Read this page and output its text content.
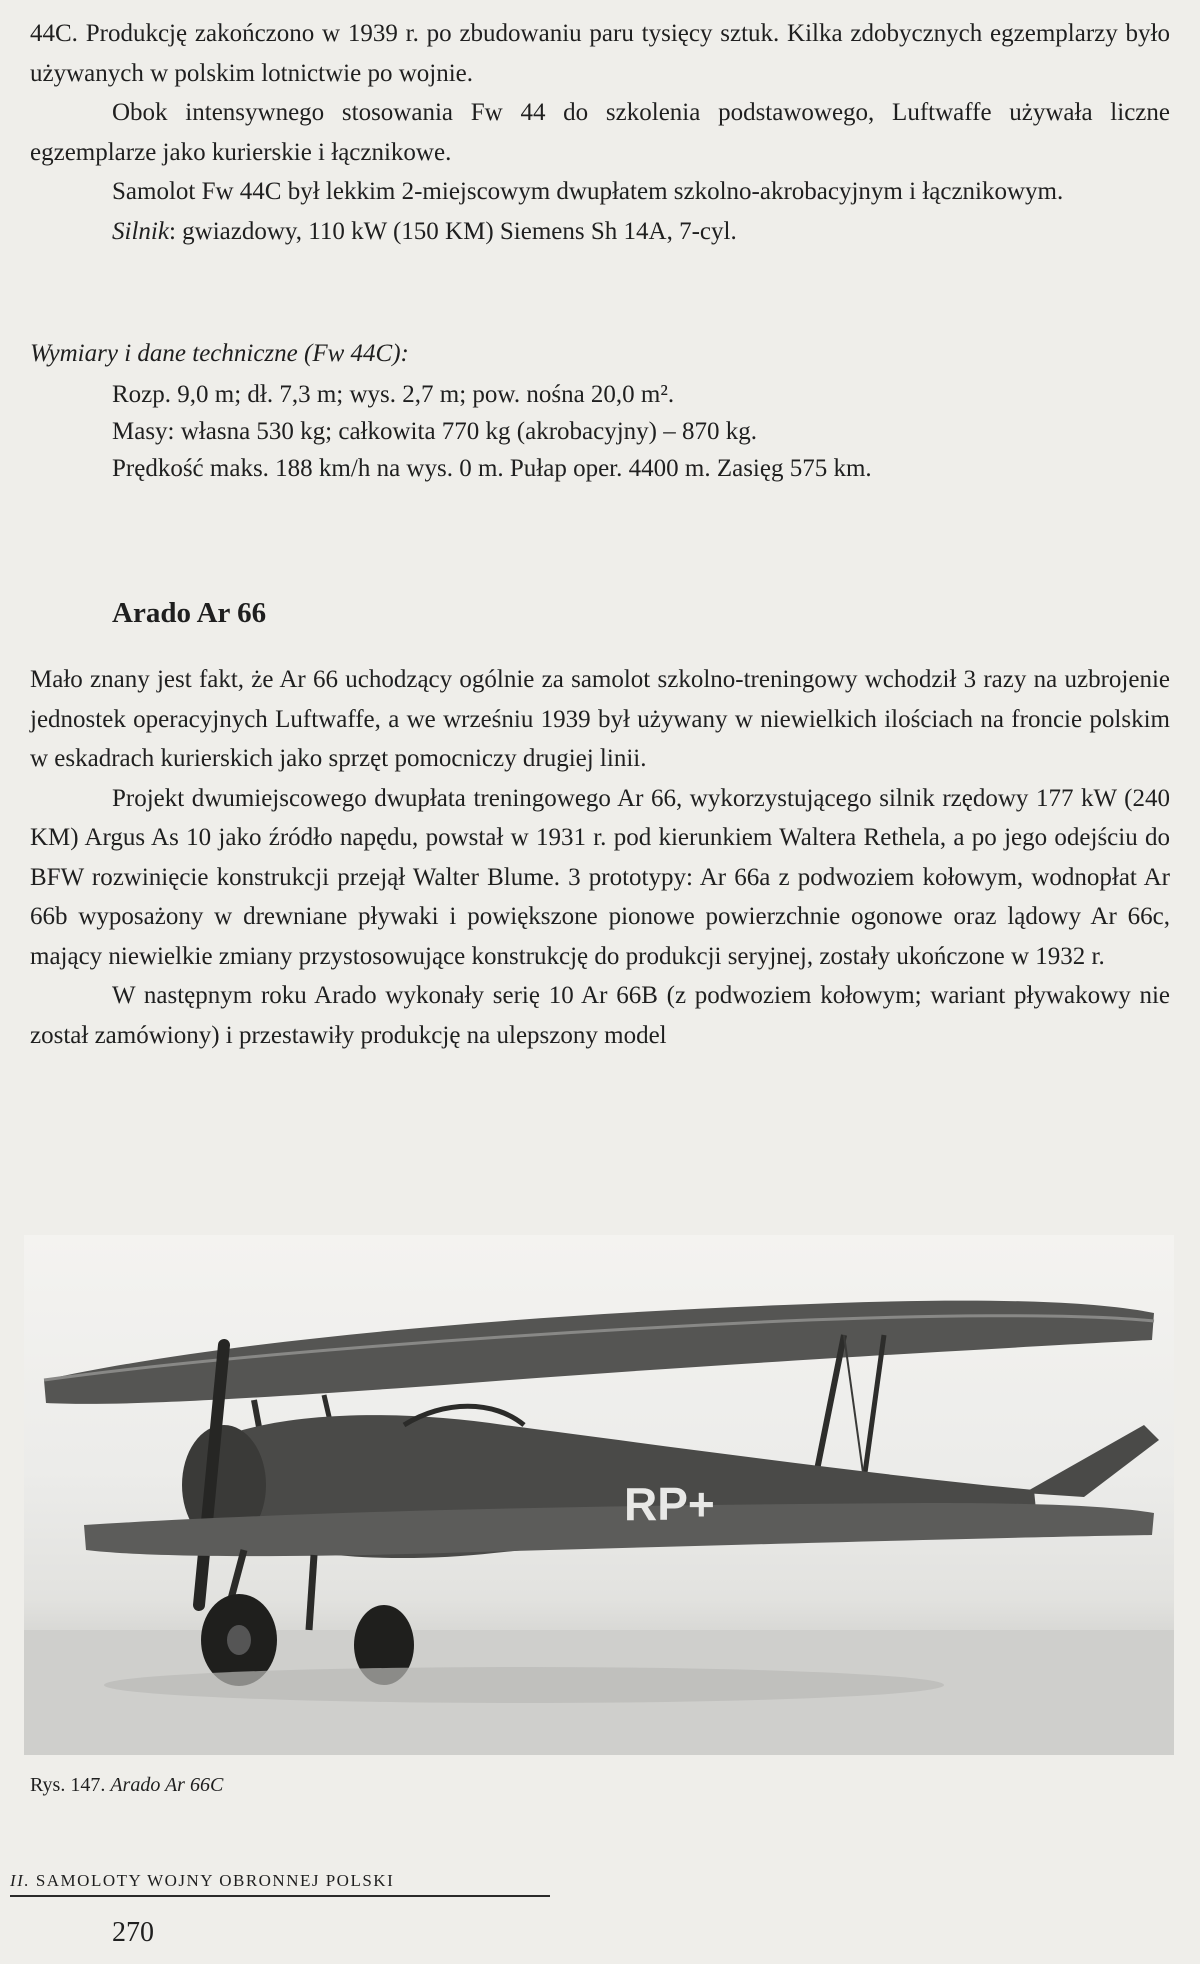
44C. Produkcję zakończono w 1939 r. po zbudowaniu paru tysięcy sztuk. Kilka zdobycznych egzemplarzy było używanych w polskim lotnictwie po wojnie.

Obok intensywnego stosowania Fw 44 do szkolenia podstawowego, Luftwaffe używała liczne egzemplarze jako kurierskie i łącznikowe.

Samolot Fw 44C był lekkim 2-miejscowym dwupłatem szkolno-akrobacyjnym i łącznikowym.

Silnik: gwiazdowy, 110 kW (150 KM) Siemens Sh 14A, 7-cyl.

Wymiary i dane techniczne (Fw 44C):

Rozp. 9,0 m; dł. 7,3 m; wys. 2,7 m; pow. nośna 20,0 m².

Masy: własna 530 kg; całkowita 770 kg (akrobacyjny) – 870 kg.

Prędkość maks. 188 km/h na wys. 0 m. Pułap oper. 4400 m. Zasięg 575 km.

Arado Ar 66

Mało znany jest fakt, że Ar 66 uchodzący ogólnie za samolot szkolno-treningowy wchodził 3 razy na uzbrojenie jednostek operacyjnych Luftwaffe, a we wrześniu 1939 był używany w niewielkich ilościach na froncie polskim w eskadrach kurierskich jako sprzęt pomocniczy drugiej linii.

Projekt dwumiejscowego dwupłata treningowego Ar 66, wykorzystującego silnik rzędowy 177 kW (240 KM) Argus As 10 jako źródło napędu, powstał w 1931 r. pod kierunkiem Waltera Rethela, a po jego odejściu do BFW rozwinięcie konstrukcji przejął Walter Blume. 3 prototypy: Ar 66a z podwoziem kołowym, wodnopłat Ar 66b wyposażony w drewniane pływaki i powiększone pionowe powierzchnie ogonowe oraz lądowy Ar 66c, mający niewielkie zmiany przystosowujące konstrukcję do produkcji seryjnej, zostały ukończone w 1932 r.

W następnym roku Arado wykonały serię 10 Ar 66B (z podwoziem kołowym; wariant pływakowy nie został zamówiony) i przestawiły produkcję na ulepszony model

RP+
Rys. 147. Arado Ar 66C
II. SAMOLOTY WOJNY OBRONNEJ POLSKI
270
